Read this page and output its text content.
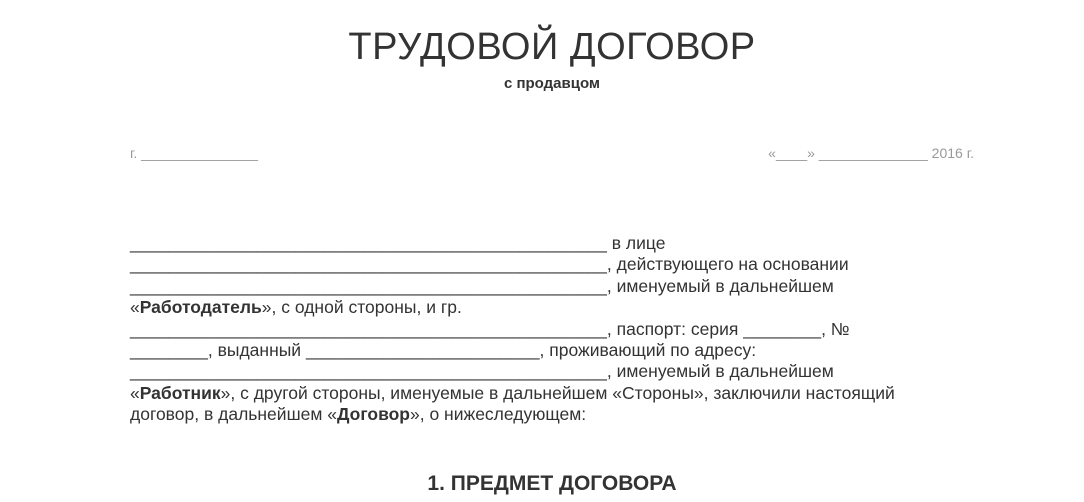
ТРУДОВОЙ ДОГОВОР
с продавцом
г. _______________	«____» ______________ 2016 г.
_________________________________________________ в лице
_________________________________________________, действующего на основании
_________________________________________________, именуемый в дальнейшем
«Работодатель», с одной стороны, и гр.
_________________________________________________, паспорт: серия ________, №
________, выданный ________________________, проживающий по адресу:
_________________________________________________, именуемый в дальнейшем
«Работник», с другой стороны, именуемые в дальнейшем «Стороны», заключили настоящий
договор, в дальнейшем «Договор», о нижеследующем:
1. ПРЕДМЕТ ДОГОВОРА
